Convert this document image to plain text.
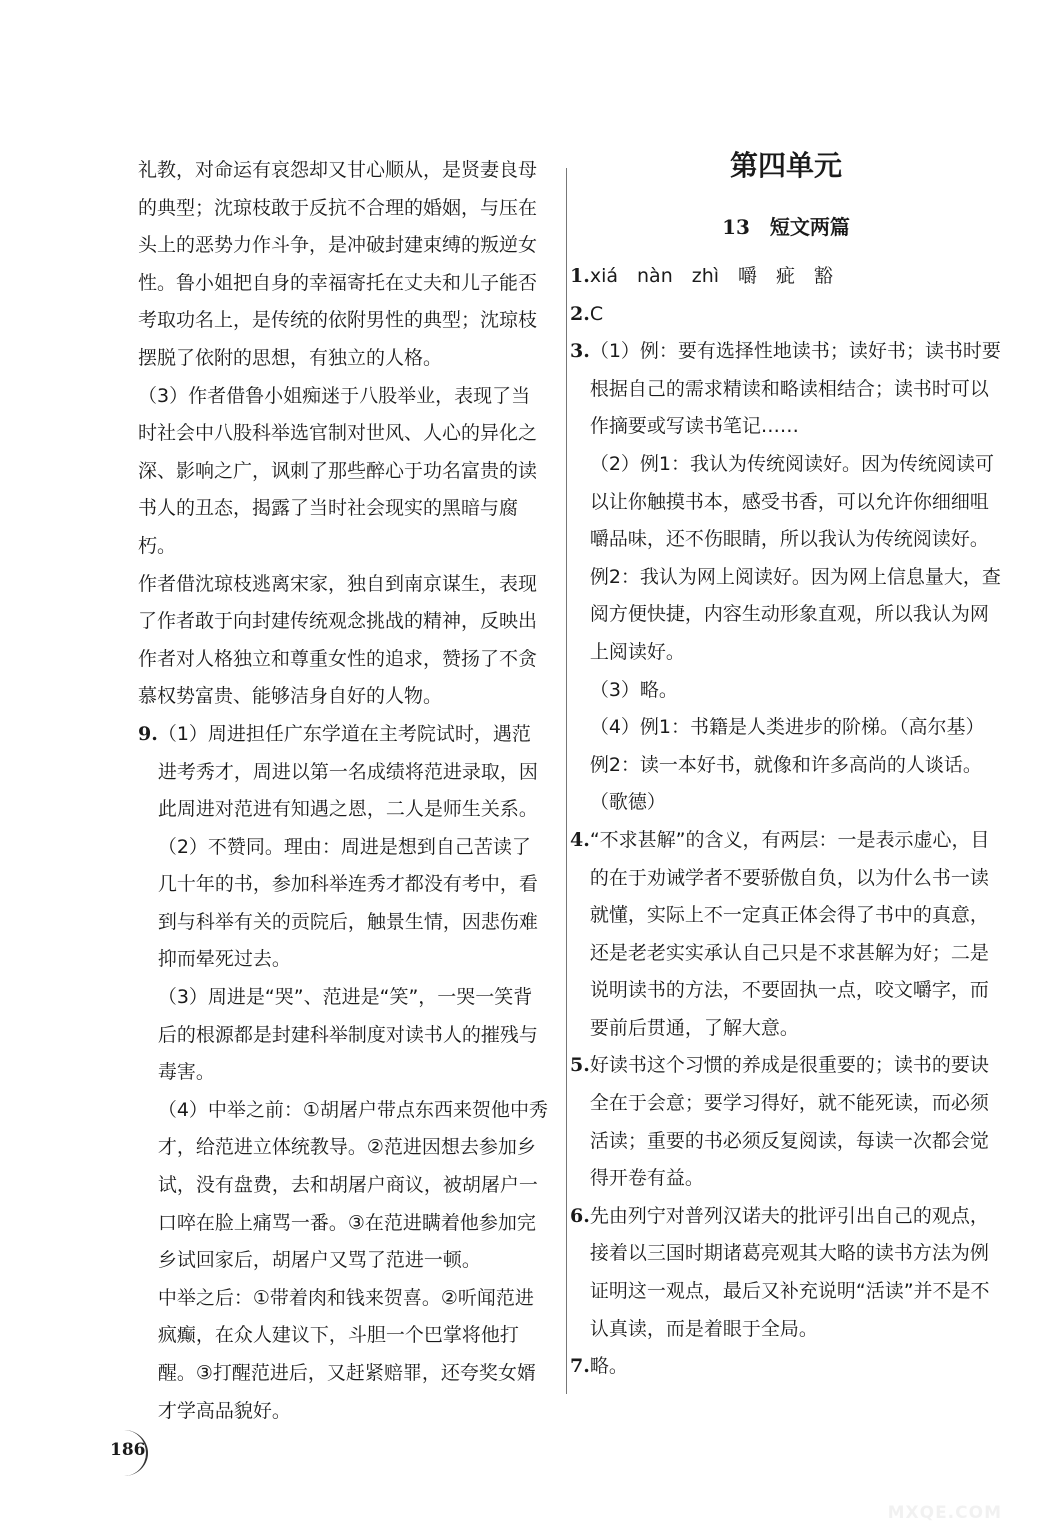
礼教，对命运有哀怨却又甘心顺从，是贤妻良母的典型；沈琼枝敢于反抗不合理的婚姻，与压在头上的恶势力作斗争，是冲破封建束缚的叛逆女性。鲁小姐把自身的幸福寄托在丈夫和儿子能否考取功名上，是传统的依附男性的典型；沈琼枝摆脱了依附的思想，有独立的人格。

（3）作者借鲁小姐痴迷于八股举业，表现了当时社会中八股科举选官制对世风、人心的异化之深、影响之广，讽刺了那些醉心于功名富贵的读书人的丑态，揭露了当时社会现实的黑暗与腐朽。

作者借沈琼枝逃离宋家，独自到南京谋生，表现了作者敢于向封建传统观念挑战的精神，反映出作者对人格独立和尊重女性的追求，赞扬了不贪慕权势富贵、能够洁身自好的人物。

9. （1）周进担任广东学道在主考院试时，遇范进考秀才，周进以第一名成绩将范进录取，因此周进对范进有知遇之恩，二人是师生关系。

（2）不赞同。理由：周进是想到自己苦读了几十年的书，参加科举连秀才都没有考中，看到与科举有关的贡院后，触景生情，因悲伤难抑而晕死过去。

（3）周进是“哭”、范进是“笑”，一哭一笑背后的根源都是封建科举制度对读书人的摧残与毒害。

（4）中举之前：①胡屠户带点东西来贺他中秀才，给范进立体统教导。②范进因想去参加乡试，没有盘费，去和胡屠户商议，被胡屠户一口啐在脸上痛骂一番。③在范进瞒着他参加完乡试回家后，胡屠户又骂了范进一顿。

中举之后：①带着肉和钱来贺喜。②听闻范进疯癫，在众人建议下，斗胆一个巴掌将他打醒。③打醒范进后，又赶紧赔罪，还夸奖女婿才学高品貌好。

第四单元

13　短文两篇

1. xiá　nàn　zhì　嚼　疵　豁
2. C
3. （1）例：要有选择性地读书；读好书；读书时要根据自己的需求精读和略读相结合；读书时可以作摘要或写读书笔记……

（2）例1：我认为传统阅读好。因为传统阅读可以让你触摸书本，感受书香，可以允许你细细咀嚼品味，还不伤眼睛，所以我认为传统阅读好。

例2：我认为网上阅读好。因为网上信息量大，查阅方便快捷，内容生动形象直观，所以我认为网上阅读好。

（3）略。

（4）例1：书籍是人类进步的阶梯。（高尔基）

例2：读一本好书，就像和许多高尚的人谈话。（歌德）

4. “不求甚解”的含义，有两层：一是表示虚心，目的在于劝诫学者不要骄傲自负，以为什么书一读就懂，实际上不一定真正体会得了书中的真意，还是老老实实承认自己只是不求甚解为好；二是说明读书的方法，不要固执一点，咬文嚼字，而要前后贯通，了解大意。
5. 好读书这个习惯的养成是很重要的；读书的要诀全在于会意；要学习得好，就不能死读，而必须活读；重要的书必须反复阅读，每读一次都会觉得开卷有益。
6. 先由列宁对普列汉诺夫的批评引出自己的观点，接着以三国时期诸葛亮观其大略的读书方法为例证明这一观点，最后又补充说明“活读”并不是不认真读，而是着眼于全局。
7. 略。
186
MXQE.COM
